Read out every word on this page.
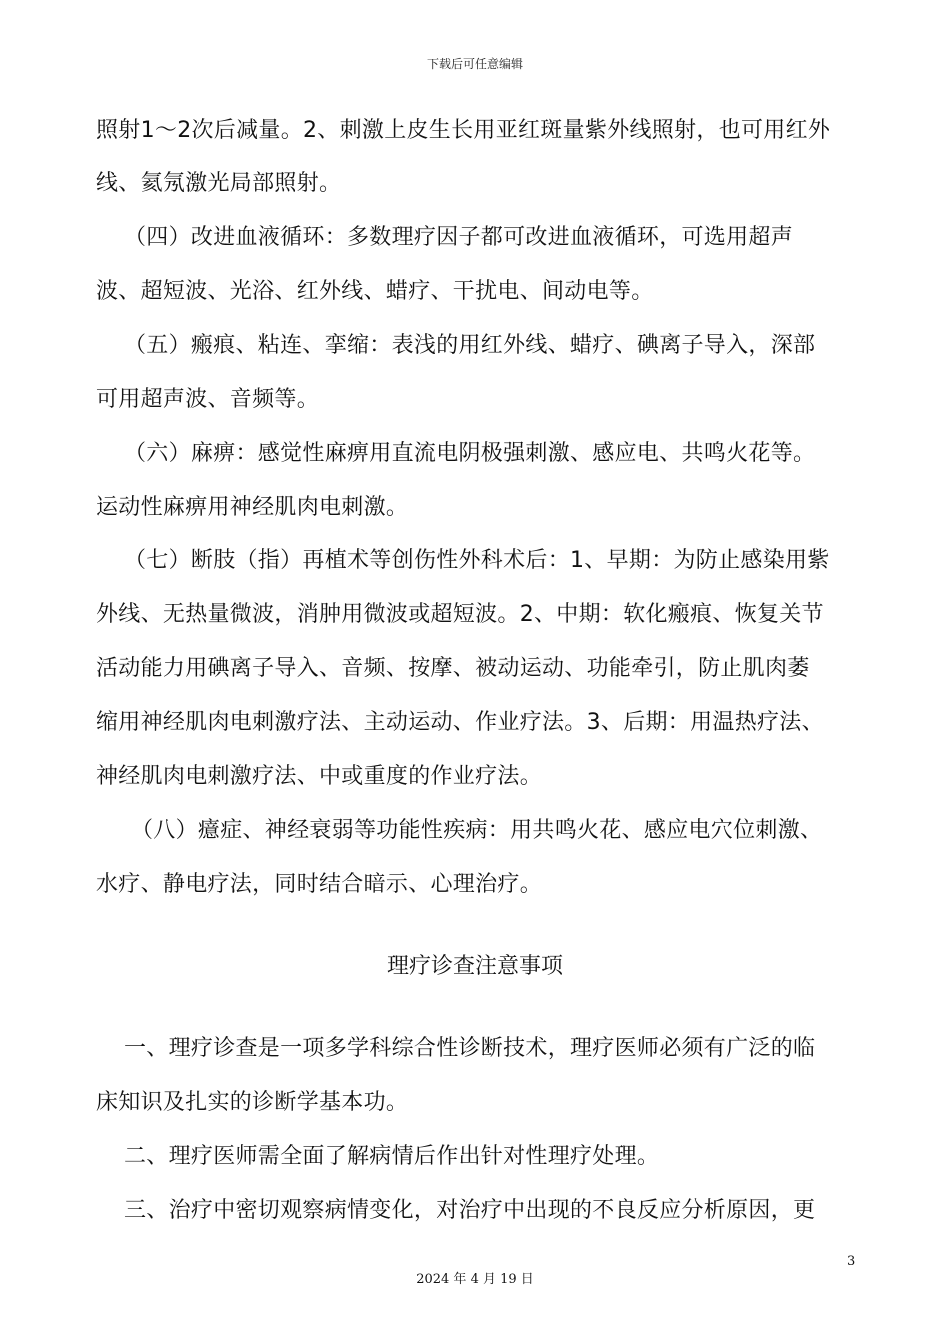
下载后可任意编辑
照射1～2次后减量。2、刺激上皮生长用亚红斑量紫外线照射，也可用红外
线、氦氖激光局部照射。
（四）改进血液循环：多数理疗因子都可改进血液循环，可选用超声
波、超短波、光浴、红外线、蜡疗、干扰电、间动电等。
（五）瘢痕、粘连、挛缩：表浅的用红外线、蜡疗、碘离子导入，深部
可用超声波、音频等。
（六）麻痹：感觉性麻痹用直流电阴极强刺激、感应电、共鸣火花等。
运动性麻痹用神经肌肉电刺激。
（七）断肢（指）再植术等创伤性外科术后：1、早期：为防止感染用紫
外线、无热量微波，消肿用微波或超短波。2、中期：软化瘢痕、恢复关节
活动能力用碘离子导入、音频、按摩、被动运动、功能牵引，防止肌肉萎
缩用神经肌肉电刺激疗法、主动运动、作业疗法。3、后期：用温热疗法、
神经肌肉电刺激疗法、中或重度的作业疗法。
（八）癔症、神经衰弱等功能性疾病：用共鸣火花、感应电穴位刺激、
水疗、静电疗法，同时结合暗示、心理治疗。
理疗诊查注意事项
一、理疗诊查是一项多学科综合性诊断技术，理疗医师必须有广泛的临
床知识及扎实的诊断学基本功。
二、理疗医师需全面了解病情后作出针对性理疗处理。
三、治疗中密切观察病情变化，对治疗中出现的不良反应分析原因，更
3
2024 年 4 月 19 日
